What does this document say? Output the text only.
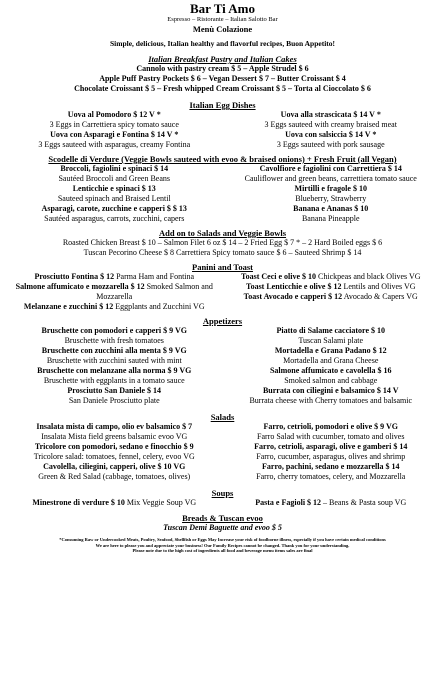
Bar Ti Amo
Espresso – Ristorante – Italian Salotto Bar
Menù Colazione
Simple, delicious, Italian healthy and flavorful recipes, Buon Appetito!
Italian Breakfast Pastry and Italian Cakes
Cannolo with pastry cream $ 5 – Apple Strudel $ 6
Apple Puff Pastry Pockets $ 6 – Vegan Dessert $ 7 – Butter Croissant $ 4
Chocolate Croissant $ 5 – Fresh whipped Cream Croissant $ 5 – Torta al Cioccolato $ 6
Italian Egg Dishes
Uova al Pomodoro $ 12 V *
3 Eggs in Carrettiera spicy tomato sauce
Uova con Asparagi e Fontina $ 14 V *
3 Eggs sauteed with asparagus, creamy Fontina
Uova alla strascicata $ 14 V *
3 Eggs sauteed with creamy braised meat
Uova con salsiccia $ 14 V *
3 Eggs sauteed with pork sausage
Scodelle di Verdure (Veggie Bowls sauteed with evoo & braised onions) + Fresh Fruit (all Vegan)
Broccoli, fagiolini e spinaci $ 14
Sautéed Broccoli and Green Beans
Lenticchie e spinaci $ 13
Sauteed spinach and Braised Lentil
Asparagi, carote, zucchine e capperi $ $ 13
Sautéed asparagus, carrots, zucchini, capers
Cavolfiore e fagiolini con Carrettiera $ 14
Cauliflower and green beans, carrettiera tomato sauce
Mirtilli e fragole $ 10
Blueberry, Strawberry
Banana e Ananas $ 10
Banana Pineapple
Add on to Salads and Veggie Bowls
Roasted Chicken Breast $ 10 – Salmon Filet 6 oz $ 14 – 2 Fried Egg $ 7 * – 2 Hard Boiled eggs $ 6
Tuscan Pecorino Cheese $ 8 Carrettiera Spicy tomato sauce $ 6 – Sauteed Shrimp $ 14
Panini and Toast
Prosciutto Fontina $ 12 Parma Ham and Fontina
Salmone affumicato e mozzarella $ 12 Smoked Salmon and Mozzarella
Melanzane e zucchini $ 12 Eggplants and Zucchini VG
Toast Ceci e olive $ 10 Chickpeas and black Olives VG
Toast Lenticchie e olive $ 12 Lentils and Olives VG
Toast Avocado e capperi $ 12 Avocado & Capers VG
Appetizers
Bruschette con pomodori e capperi $ 9 VG
Bruschette with fresh tomatoes
Bruschette con zucchini alla menta $ 9 VG
Bruschette with zucchini sauted with mint
Bruschette con melanzane alla norma $ 9 VG
Bruschette with eggplants in a tomato sauce
Prosciutto San Daniele $ 14
San Daniele Prosciutto plate
Piatto di Salame cacciatore $ 10
Tuscan Salami plate
Mortadella e Grana Padano $ 12
Mortadella and Grana Cheese
Salmone affumicato e cavolella $ 16
Smoked salmon and cabbage
Burrata con ciliegini e balsamico $ 14 V
Burrata cheese with Cherry tomatoes and balsamic
Salads
Insalata mista di campo, olio ev balsamico $ 7
Insalata Mista field greens balsamic evoo VG
Tricolore con pomodori, sedano e finocchio $ 9
Tricolore salad: tomatoes, fennel, celery, evoo VG
Cavolella, ciliegini, capperi, olive $ 10 VG
Green & Red Salad (cabbage, tomatoes, olives)
Farro, cetrioli, pomodori e olive $ 9 VG
Farro Salad with cucumber, tomato and olives
Farro, cetrioli, asparagi, olive e gamberi $ 14
Farro, cucumber, asparagus, olives and shrimp
Farro, pachini, sedano e mozzarella $ 14
Farro, cherry tomatoes, celery, and Mozzarella
Soups
Minestrone di verdure $ 10 Mix Veggie Soup VG	Pasta e Fagioli $ 12 – Beans & Pasta soup VG
Breads & Tuscan evoo
Tuscan Demi Baguette and evoo $ 5
*Consuming Raw or Undercooked Meats, Poultry, Seafood, Shellfish or Eggs May Increase your risk of foodborne illness, especially if you have certain medical conditions
We are here to please you and appreciate your business! Our Family Recipes cannot be changed. Thank you for your understanding.
Please note due to the high cost of ingredients all food and beverage menu items sales are final
